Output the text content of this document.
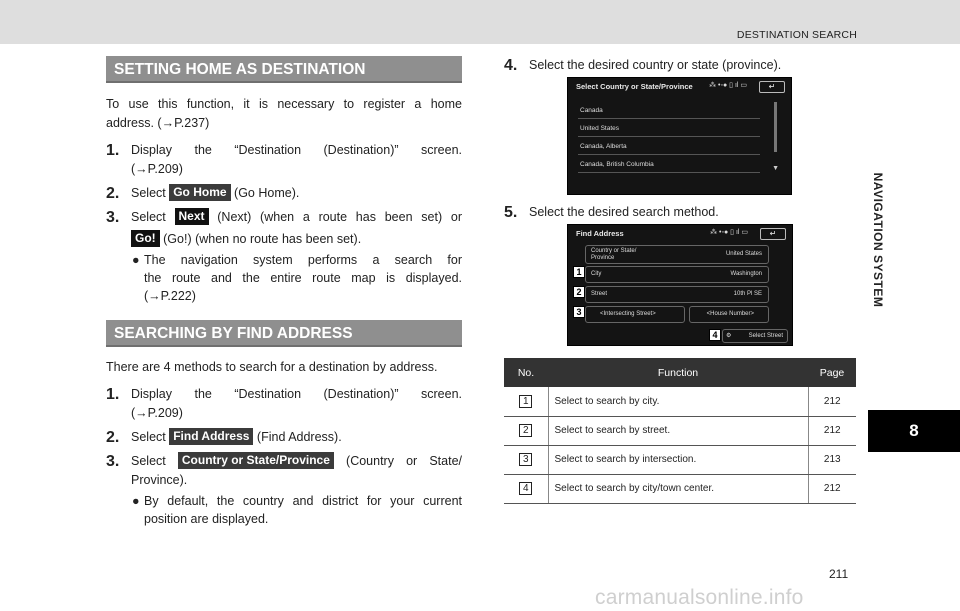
DESTINATION SEARCH
NAVIGATION SYSTEM
8
SETTING HOME AS DESTINATION
To use this function, it is necessary to register a home
address. (→P.237)
1. Display the “Destination (Destination)” screen.
(→P.209)
2. Select Go Home (Go Home).
3. Select Next (Next) (when a route has been set) or
Go! (Go!) (when no route has been set).
● The navigation system performs a search for
the route and the entire route map is displayed.
(→P.222)
SEARCHING BY FIND ADDRESS
There are 4 methods to search for a destination by address.
1. Display the “Destination (Destination)” screen.
(→P.209)
2. Select Find Address (Find Address).
3. Select Country or State/Province (Country or State/
Province).
● By default, the country and district for your current
position are displayed.
4. Select the desired country or state (province).
5. Select the desired search method.
Select Country or State/Province ⁂ •◦● ▯ ıl ▭	↵
Canada
United States
Canada, Alberta
Canada, British Columbia
▼
Find Address	⁂ •◦● ▯ ıl ▭	↵
Country or State/ Province
United States
City	Washington
Street	10th Pl SE
<Intersecting Street>	<House Number>
⚙	Select Street
1
2
3
4
No.	Function	Page
1	Select to search by city.	212
2	Select to search by street.	212
3	Select to search by intersection.	213
4	Select to search by city/town center.	212
211
carmanualsonline.info
